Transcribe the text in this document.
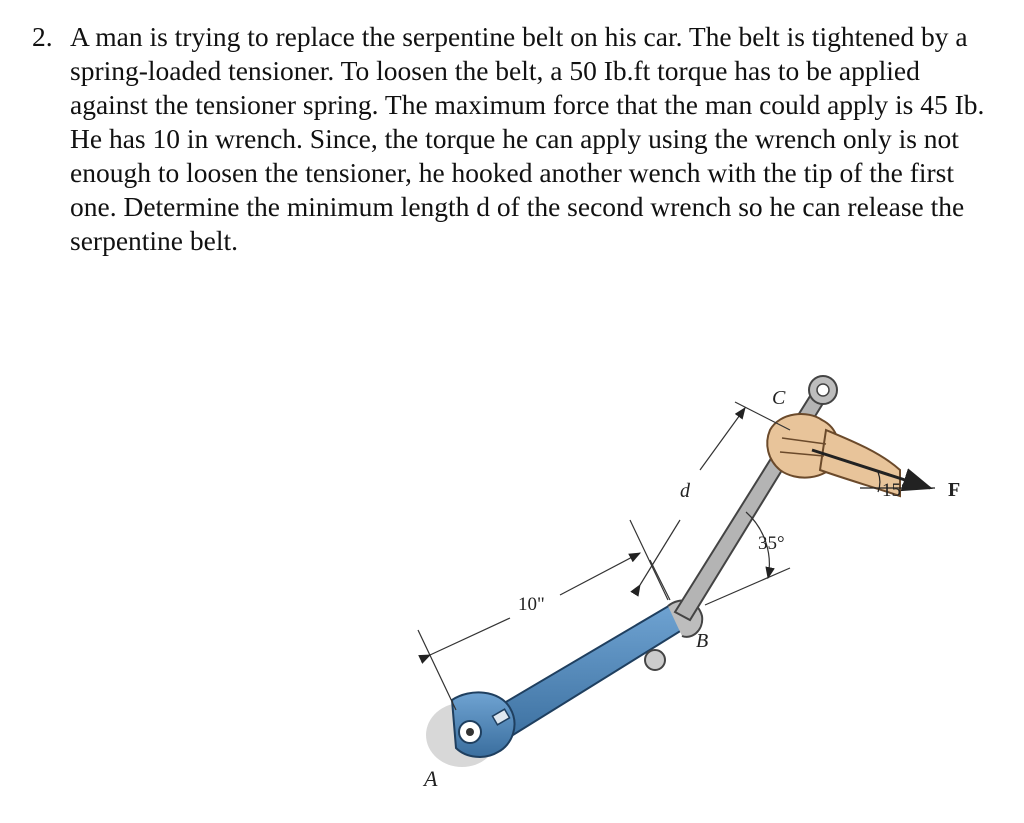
2. A man is trying to replace the serpentine belt on his car. The belt is tightened by a spring-loaded tensioner. To loosen the belt, a 50 Ib.ft torque has to be applied against the tensioner spring. The maximum force that the man could apply is 45 Ib. He has 10 in wrench. Since, the torque he can apply using the wrench only is not enough to loosen the tensioner, he hooked another wench with the tip of the first one. Determine the minimum length d of the second wrench so he can release the serpentine belt.
A
B
C
d	F
10"
35°
15°
